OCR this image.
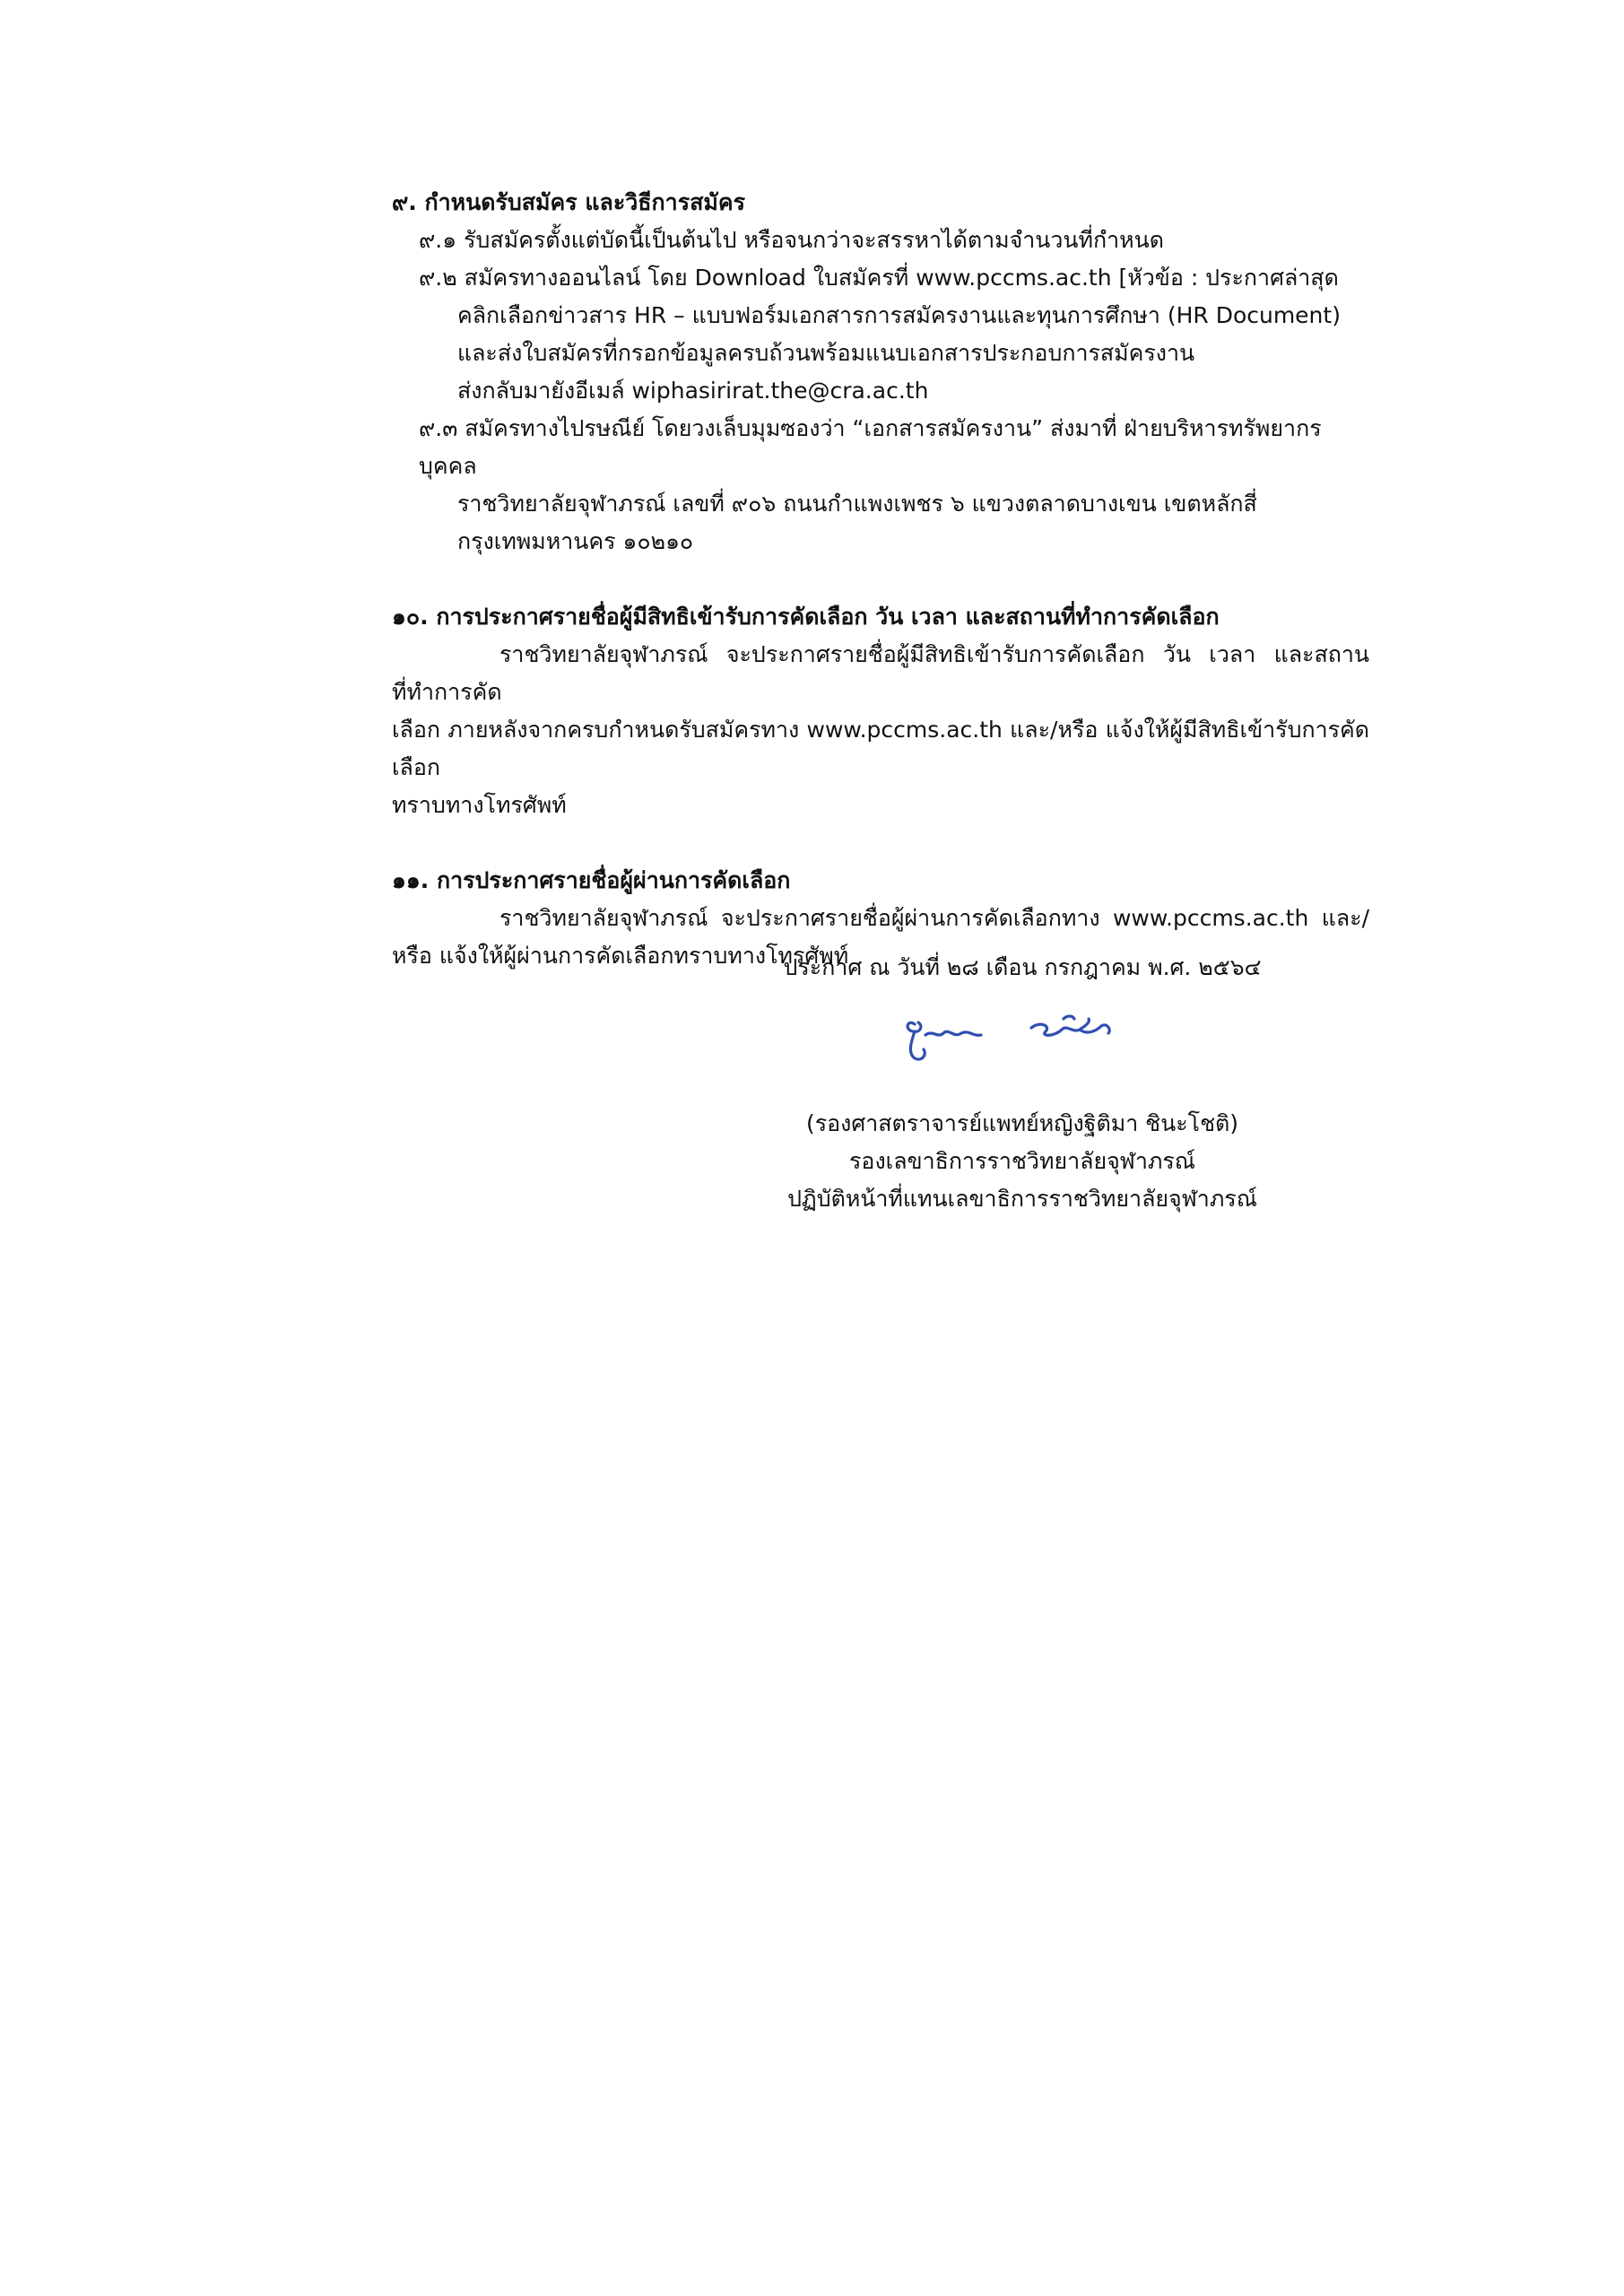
๙. กำหนดรับสมัคร และวิธีการสมัคร

๙.๑ รับสมัครตั้งแต่บัดนี้เป็นต้นไป หรือจนกว่าจะสรรหาได้ตามจำนวนที่กำหนด

๙.๒ สมัครทางออนไลน์ โดย Download ใบสมัครที่ www.pccms.ac.th [หัวข้อ : ประกาศล่าสุด

คลิกเลือกข่าวสาร HR – แบบฟอร์มเอกสารการสมัครงานและทุนการศึกษา (HR Document)

และส่งใบสมัครที่กรอกข้อมูลครบถ้วนพร้อมแนบเอกสารประกอบการสมัครงาน

ส่งกลับมายังอีเมล์ wiphasirirat.the@cra.ac.th

๙.๓ สมัครทางไปรษณีย์ โดยวงเล็บมุมซองว่า “เอกสารสมัครงาน” ส่งมาที่ ฝ่ายบริหารทรัพยากรบุคคล

ราชวิทยาลัยจุฬาภรณ์ เลขที่ ๙๐๖ ถนนกำแพงเพชร ๖ แขวงตลาดบางเขน เขตหลักสี่

กรุงเทพมหานคร ๑๐๒๑๐

๑๐. การประกาศรายชื่อผู้มีสิทธิเข้ารับการคัดเลือก วัน เวลา และสถานที่ทำการคัดเลือก

ราชวิทยาลัยจุฬาภรณ์ จะประกาศรายชื่อผู้มีสิทธิเข้ารับการคัดเลือก วัน เวลา และสถานที่ทำการคัด

เลือก ภายหลังจากครบกำหนดรับสมัครทาง www.pccms.ac.th และ/หรือ แจ้งให้ผู้มีสิทธิเข้ารับการคัดเลือก

ทราบทางโทรศัพท์

๑๑. การประกาศรายชื่อผู้ผ่านการคัดเลือก

ราชวิทยาลัยจุฬาภรณ์ จะประกาศรายชื่อผู้ผ่านการคัดเลือกทาง www.pccms.ac.th และ/

หรือ แจ้งให้ผู้ผ่านการคัดเลือกทราบทางโทรศัพท์

ประกาศ ณ วันที่ ๒๘ เดือน กรกฎาคม พ.ศ. ๒๕๖๔

(รองศาสตราจารย์แพทย์หญิงฐิติมา ชินะโชติ)

รองเลขาธิการราชวิทยาลัยจุฬาภรณ์

ปฏิบัติหน้าที่แทนเลขาธิการราชวิทยาลัยจุฬาภรณ์
